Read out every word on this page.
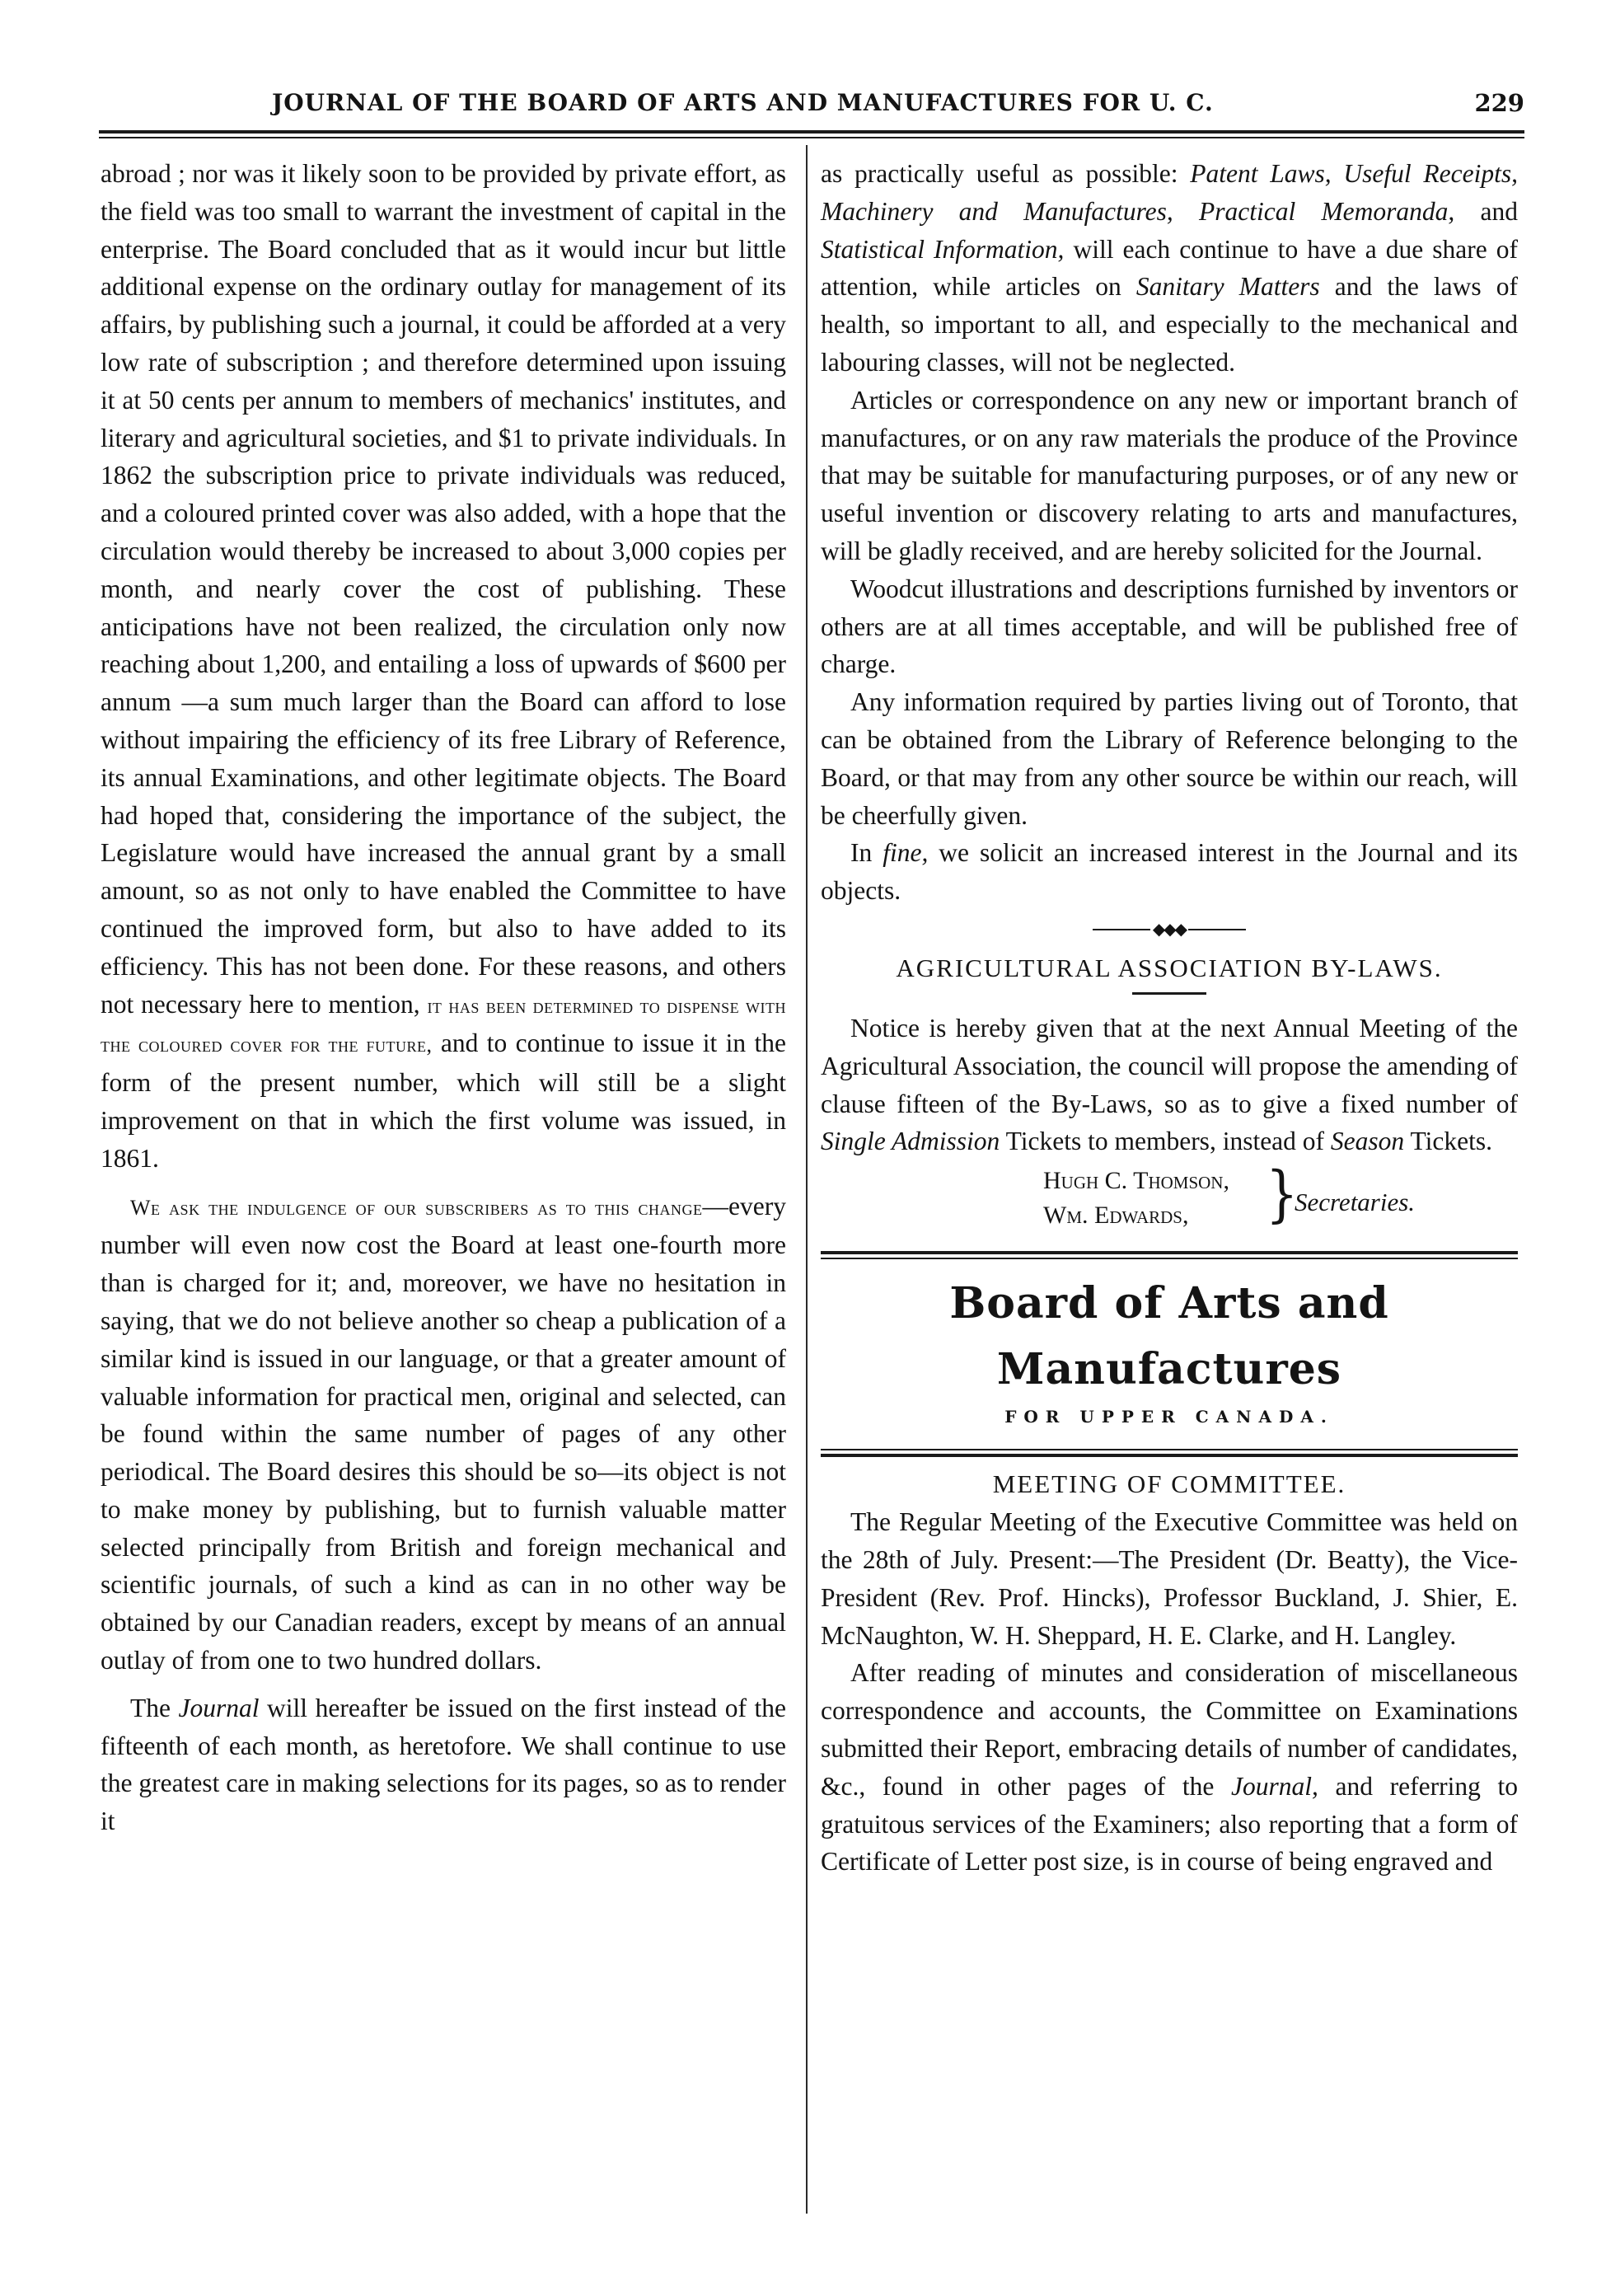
JOURNAL OF THE BOARD OF ARTS AND MANUFACTURES FOR U. C.	229

abroad ; nor was it likely soon to be provided by private effort, as the field was too small to warrant the investment of capital in the enterprise. The Board concluded that as it would incur but little additional expense on the ordinary outlay for management of its affairs, by publishing such a journal, it could be afforded at a very low rate of subscription ; and therefore determined upon issuing it at 50 cents per annum to members of mechanics' institutes, and literary and agricultural societies, and $1 to private individuals. In 1862 the subscription price to private individuals was reduced, and a coloured printed cover was also added, with a hope that the circulation would thereby be increased to about 3,000 copies per month, and nearly cover the cost of publishing. These anticipations have not been realized, the circulation only now reaching about 1,200, and entailing a loss of upwards of $600 per annum —a sum much larger than the Board can afford to lose without impairing the efficiency of its free Library of Reference, its annual Examinations, and other legitimate objects. The Board had hoped that, considering the importance of the subject, the Legislature would have increased the annual grant by a small amount, so as not only to have enabled the Committee to have continued the improved form, but also to have added to its efficiency. This has not been done. For these reasons, and others not necessary here to mention, it has been determined to dispense with the coloured cover for the future, and to continue to issue it in the form of the present number, which will still be a slight improvement on that in which the first volume was issued, in 1861.

We ask the indulgence of our subscribers as to this change—every number will even now cost the Board at least one-fourth more than is charged for it; and, moreover, we have no hesitation in saying, that we do not believe another so cheap a publication of a similar kind is issued in our language, or that a greater amount of valuable information for practical men, original and selected, can be found within the same number of pages of any other periodical. The Board desires this should be so—its object is not to make money by publishing, but to furnish valuable matter selected principally from British and foreign mechanical and scientific journals, of such a kind as can in no other way be obtained by our Canadian readers, except by means of an annual outlay of from one to two hundred dollars.

The Journal will hereafter be issued on the first instead of the fifteenth of each month, as heretofore. We shall continue to use the greatest care in making selections for its pages, so as to render it

as practically useful as possible: Patent Laws, Useful Receipts, Machinery and Manufactures, Practical Memoranda, and Statistical Information, will each continue to have a due share of attention, while articles on Sanitary Matters and the laws of health, so important to all, and especially to the mechanical and labouring classes, will not be neglected.

Articles or correspondence on any new or important branch of manufactures, or on any raw materials the produce of the Province that may be suitable for manufacturing purposes, or of any new or useful invention or discovery relating to arts and manufactures, will be gladly received, and are hereby solicited for the Journal.

Woodcut illustrations and descriptions furnished by inventors or others are at all times acceptable, and will be published free of charge.

Any information required by parties living out of Toronto, that can be obtained from the Library of Reference belonging to the Board, or that may from any other source be within our reach, will be cheerfully given.

In fine, we solicit an increased interest in the Journal and its objects.

◆◆◆
AGRICULTURAL ASSOCIATION BY-LAWS.

Notice is hereby given that at the next Annual Meeting of the Agricultural Association, the council will propose the amending of clause fifteen of the By-Laws, so as to give a fixed number of Single Admission Tickets to members, instead of Season Tickets.

Hugh C. Thomson,
Wm. Edwards,	}
Secretaries.
Board of Arts and Manufactures
FOR UPPER CANADA.
MEETING OF COMMITTEE.

The Regular Meeting of the Executive Committee was held on the 28th of July. Present:—The President (Dr. Beatty), the Vice-President (Rev. Prof. Hincks), Professor Buckland, J. Shier, E. McNaughton, W. H. Sheppard, H. E. Clarke, and H. Langley.

After reading of minutes and consideration of miscellaneous correspondence and accounts, the Committee on Examinations submitted their Report, embracing details of number of candidates, &c., found in other pages of the Journal, and referring to gratuitous services of the Examiners; also reporting that a form of Certificate of Letter post size, is in course of being engraved and
